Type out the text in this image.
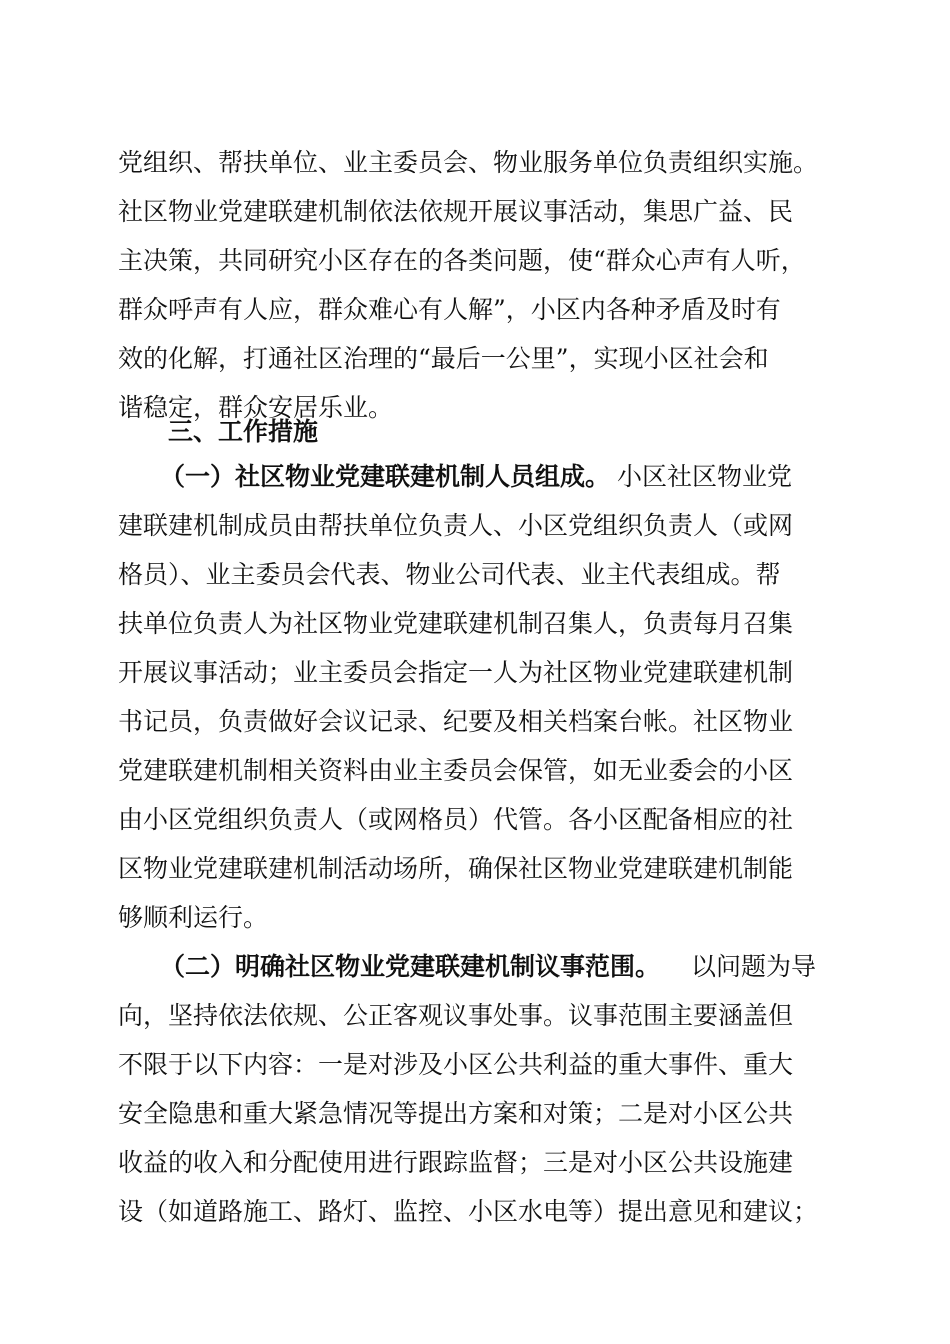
党组织、帮扶单位、业主委员会、物业服务单位负责组织实施。
社区物业党建联建机制依法依规开展议事活动，集思广益、民
主决策，共同研究小区存在的各类问题，使“群众心声有人听，
群众呼声有人应，群众难心有人解”，小区内各种矛盾及时有
效的化解，打通社区治理的“最后一公里”，实现小区社会和
谐稳定，群众安居乐业。
三、工作措施
（一）社区物业党建联建机制人员组成。 小区社区物业党
建联建机制成员由帮扶单位负责人、小区党组织负责人（或网
格员）、业主委员会代表、物业公司代表、业主代表组成。帮
扶单位负责人为社区物业党建联建机制召集人，负责每月召集
开展议事活动；业主委员会指定一人为社区物业党建联建机制
书记员，负责做好会议记录、纪要及相关档案台帐。社区物业
党建联建机制相关资料由业主委员会保管，如无业委会的小区
由小区党组织负责人（或网格员）代管。各小区配备相应的社
区物业党建联建机制活动场所，确保社区物业党建联建机制能
够顺利运行。
（二）明确社区物业党建联建机制议事范围。 以问题为导
向，坚持依法依规、公正客观议事处事。议事范围主要涵盖但
不限于以下内容：一是对涉及小区公共利益的重大事件、重大
安全隐患和重大紧急情况等提出方案和对策；二是对小区公共
收益的收入和分配使用进行跟踪监督；三是对小区公共设施建
设（如道路施工、路灯、监控、小区水电等）提出意见和建议；
